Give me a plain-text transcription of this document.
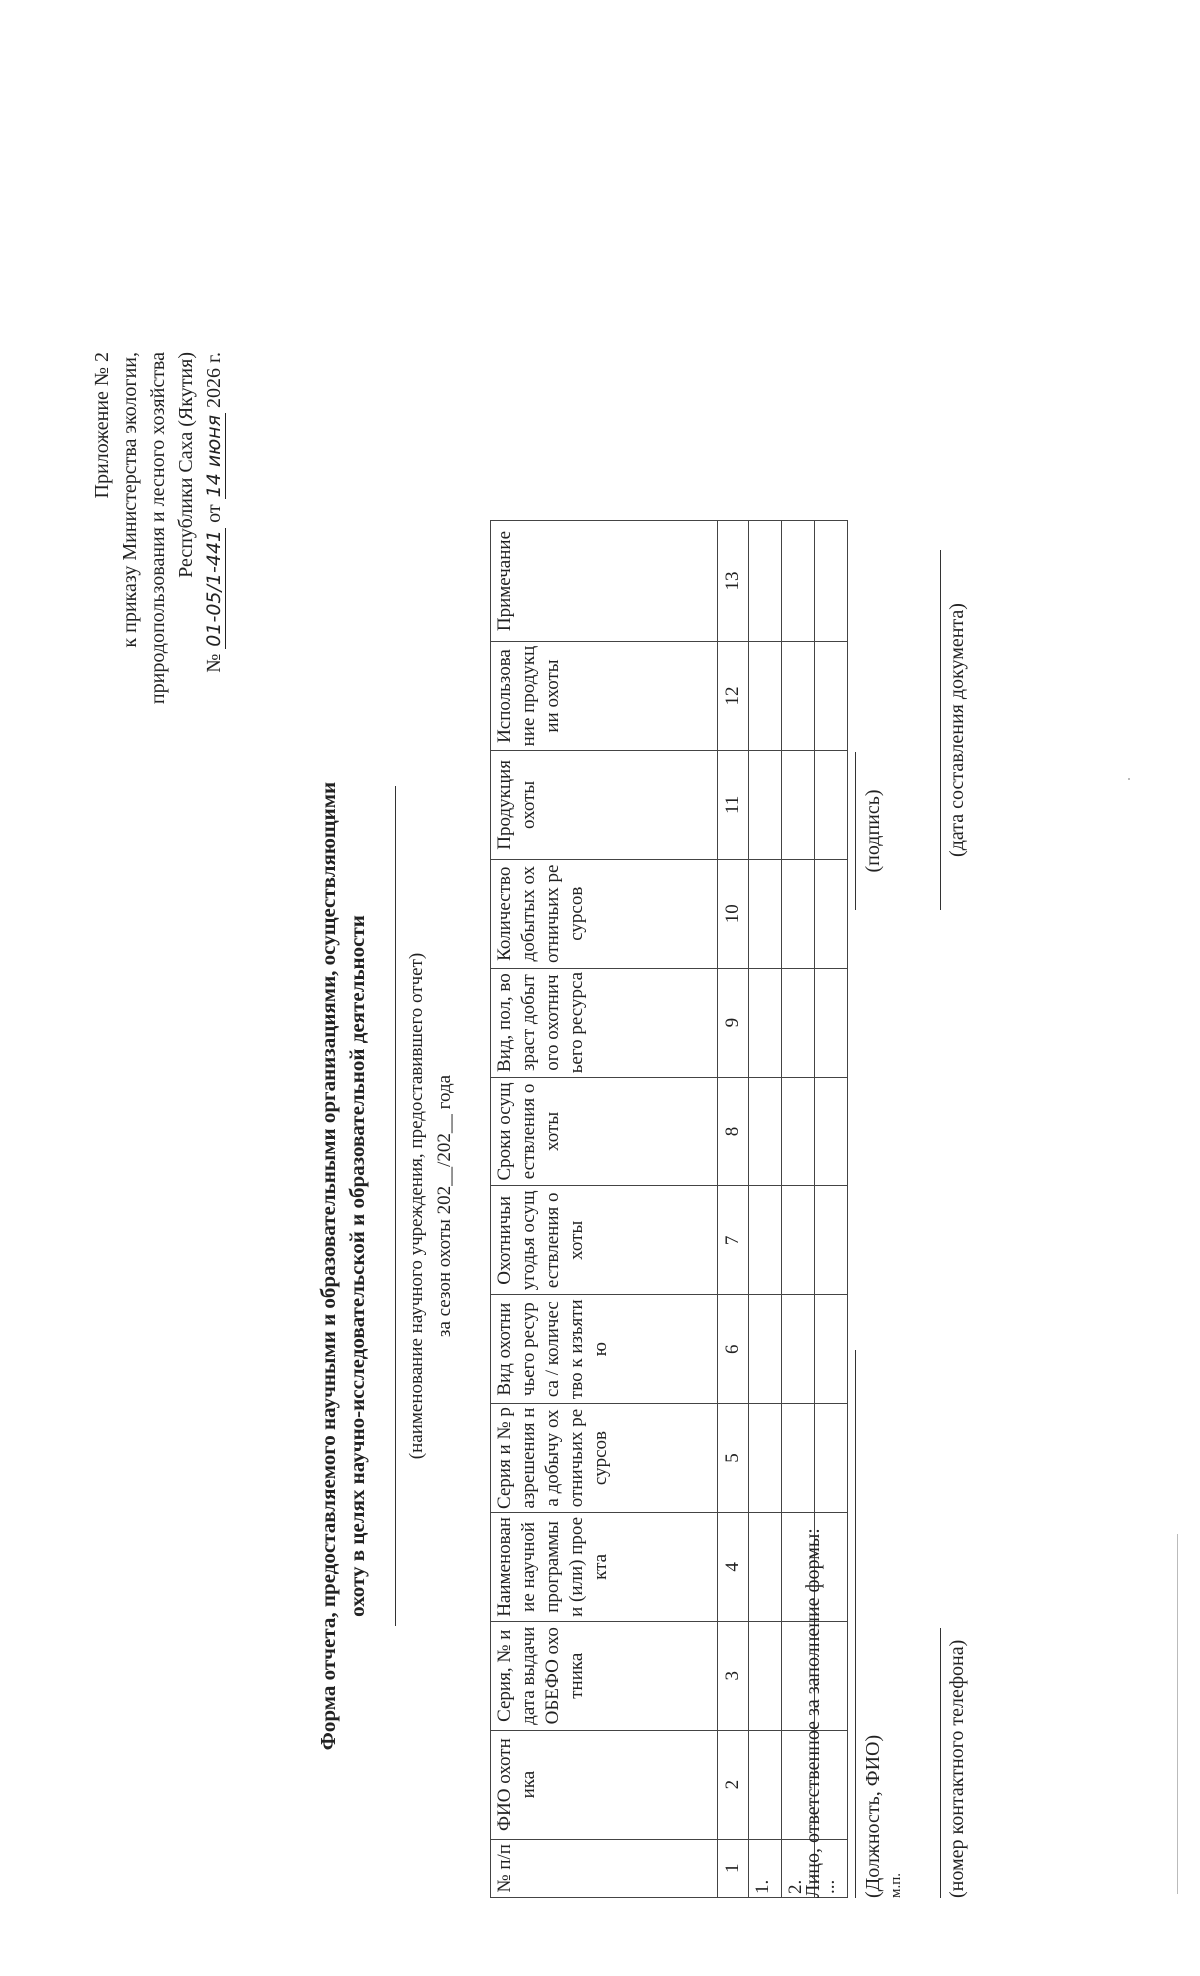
Приложение № 2 к приказу Министерства экологии, природопользования и лесного хозяйства Республики Саха (Якутия)
№ 01-05/1-441 от 14 июня 2026 г.
Форма отчета, предоставляемого научными и образовательными организациями, осуществляющими охоту в целях научно-исследовательской и образовательной деятельности (наименование научного учреждения, предоставившего отчет) за сезон охоты 202__/202__ года
№ п/п	ФИО охотника	Серия, № и дата выдачи ОБЕФО охотника	Наименование научной программы и (или) проекта	Серия и № разрешения на добычу охотничьих ресурсов	Вид охотничьего ресурса / количество к изъятию	Охотничьи угодья осуществления охоты	Сроки осуществления охоты	Вид, пол, возраст добытого охотничьего ресурса	Количество добытых охотничьих ресурсов	Продукция охоты	Использование продукции охоты	Примечание
1	2	3	4	5	6	7	8	9	10	11	12	13
1.												
2.												
...												
Лицо, ответственное за заполнение формы: (Должность, ФИО) м.п.
(подпись)
(номер контактного телефона)
(дата составления документа)
